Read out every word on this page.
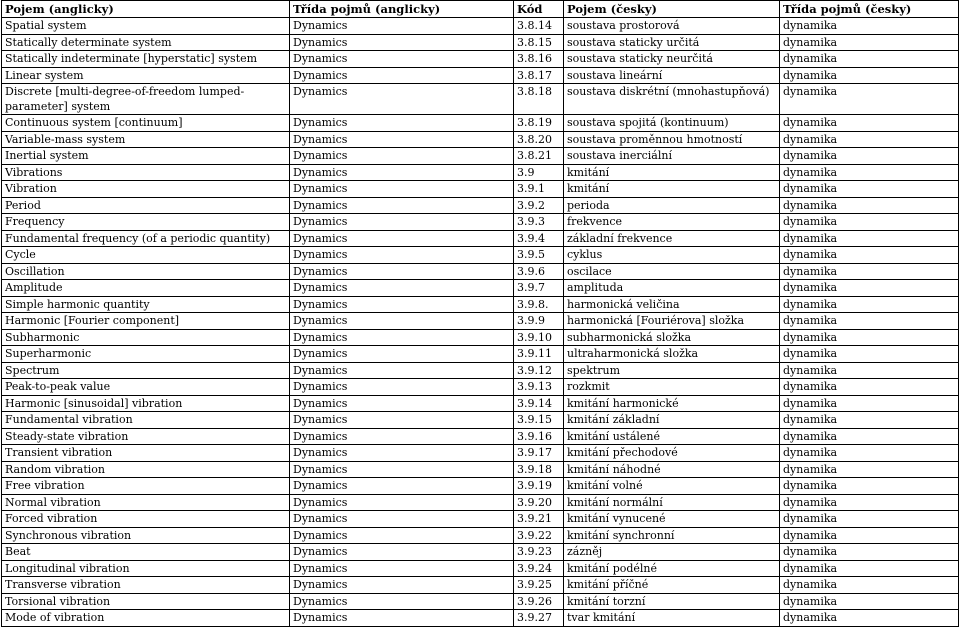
Pojem (anglicky)	Třída pojmů (anglicky)	Kód	Pojem (česky)	Třída pojmů (česky)
Spatial system	Dynamics	3.8.14	soustava prostorová	dynamika
Statically determinate system	Dynamics	3.8.15	soustava staticky určitá	dynamika
Statically indeterminate [hyperstatic] system	Dynamics	3.8.16	soustava staticky neurčitá	dynamika
Linear system	Dynamics	3.8.17	soustava lineární	dynamika
Discrete [multi-degree-of-freedom lumped-parameter] system	Dynamics	3.8.18	soustava diskrétní (mnohastupňová)	dynamika
Continuous system [continuum]	Dynamics	3.8.19	soustava spojitá (kontinuum)	dynamika
Variable-mass system	Dynamics	3.8.20	soustava proměnnou hmotností	dynamika
Inertial system	Dynamics	3.8.21	soustava inerciální	dynamika
Vibrations	Dynamics	3.9	kmitání	dynamika
Vibration	Dynamics	3.9.1	kmitání	dynamika
Period	Dynamics	3.9.2	perioda	dynamika
Frequency	Dynamics	3.9.3	frekvence	dynamika
Fundamental frequency (of a periodic quantity)	Dynamics	3.9.4	základní frekvence	dynamika
Cycle	Dynamics	3.9.5	cyklus	dynamika
Oscillation	Dynamics	3.9.6	oscilace	dynamika
Amplitude	Dynamics	3.9.7	amplituda	dynamika
Simple harmonic quantity	Dynamics	3.9.8.	harmonická veličina	dynamika
Harmonic [Fourier component]	Dynamics	3.9.9	harmonická [Fouriérova] složka	dynamika
Subharmonic	Dynamics	3.9.10	subharmonická složka	dynamika
Superharmonic	Dynamics	3.9.11	ultraharmonická složka	dynamika
Spectrum	Dynamics	3.9.12	spektrum	dynamika
Peak-to-peak value	Dynamics	3.9.13	rozkmit	dynamika
Harmonic [sinusoidal] vibration	Dynamics	3.9.14	kmitání harmonické	dynamika
Fundamental vibration	Dynamics	3.9.15	kmitání základní	dynamika
Steady-state vibration	Dynamics	3.9.16	kmitání ustálené	dynamika
Transient vibration	Dynamics	3.9.17	kmitání přechodové	dynamika
Random vibration	Dynamics	3.9.18	kmitání náhodné	dynamika
Free vibration	Dynamics	3.9.19	kmitání volné	dynamika
Normal vibration	Dynamics	3.9.20	kmitání normální	dynamika
Forced vibration	Dynamics	3.9.21	kmitání vynucené	dynamika
Synchronous vibration	Dynamics	3.9.22	kmitání synchronní	dynamika
Beat	Dynamics	3.9.23	zázněj	dynamika
Longitudinal vibration	Dynamics	3.9.24	kmitání podélné	dynamika
Transverse vibration	Dynamics	3.9.25	kmitání příčné	dynamika
Torsional vibration	Dynamics	3.9.26	kmitání torzní	dynamika
Mode of vibration	Dynamics	3.9.27	tvar kmitání	dynamika
